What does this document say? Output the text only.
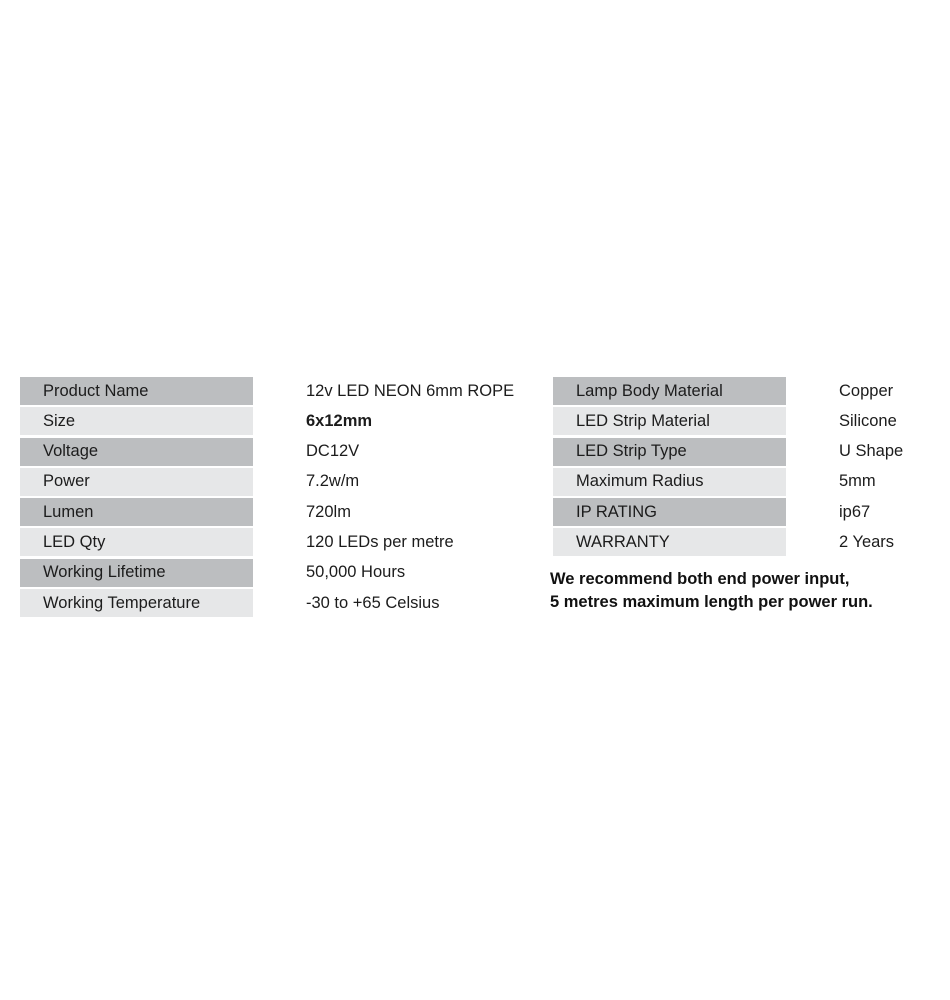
Product Name	12v LED NEON 6mm ROPE
Size	6x12mm
Voltage	DC12V
Power	7.2w/m
Lumen	720lm
LED Qty	120 LEDs per metre
Working Lifetime	50,000 Hours
Working Temperature	-30 to +65 Celsius
Lamp Body Material	Copper
LED Strip Material	Silicone
LED Strip Type	U Shape
Maximum Radius	5mm
IP RATING	ip67
WARRANTY	2 Years
We recommend both end power input,
5 metres maximum length per power run.
